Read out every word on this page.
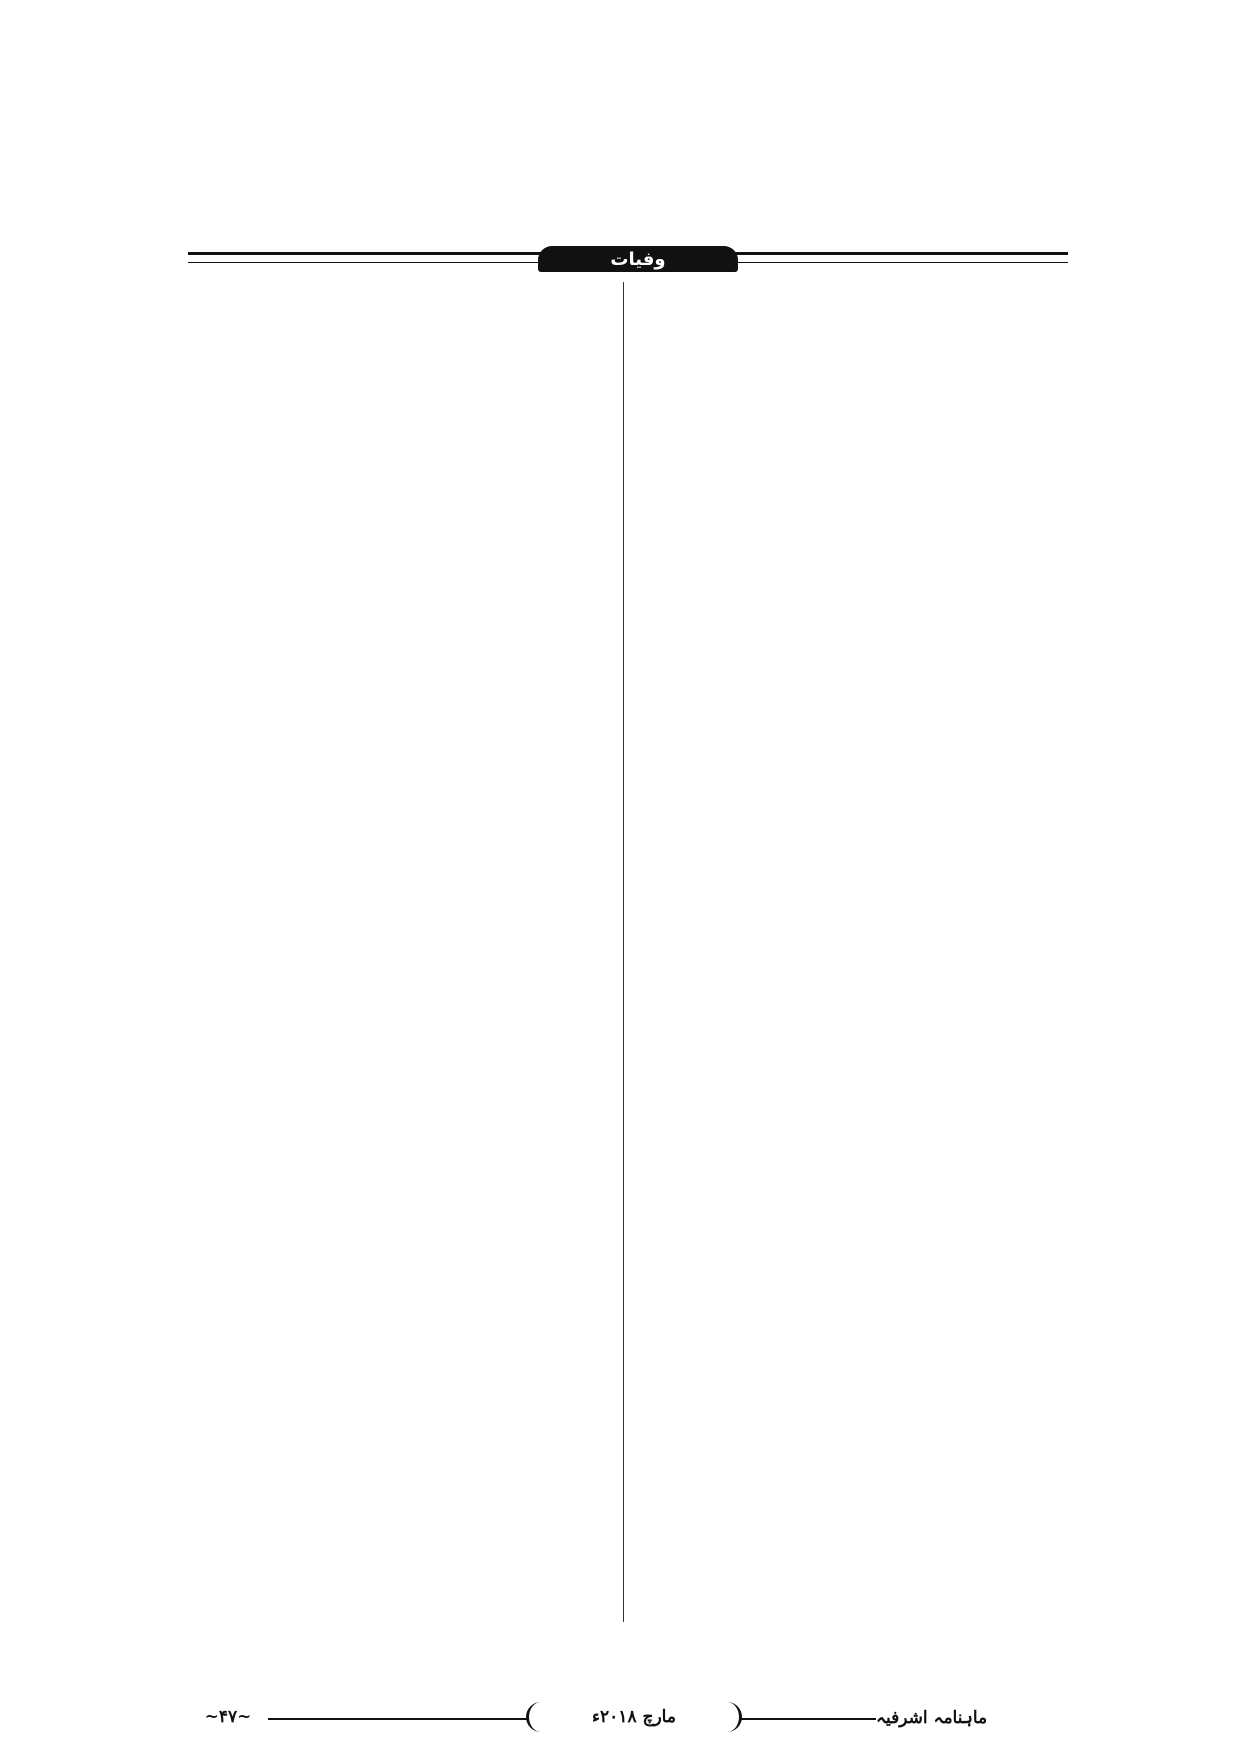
وفیات
ماہنامہ اشرفیہ
مارچ ۲۰۱۸ء
~۴۷~
